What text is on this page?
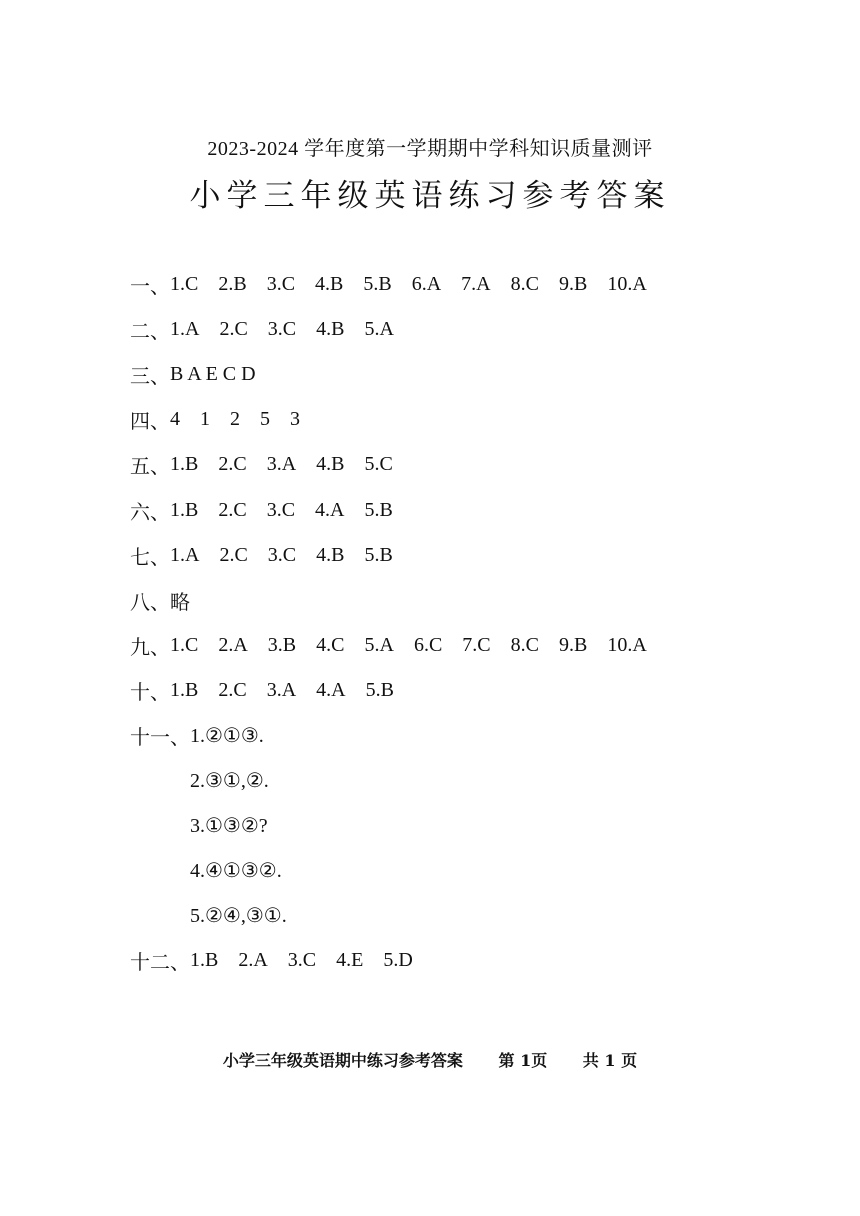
2023-2024 学年度第一学期期中学科知识质量测评
小学三年级英语练习参考答案
一、 1.C 2.B 3.C 4.B 5.B 6.A 7.A 8.C 9.B 10.A
二、 1.A 2.C 3.C 4.B 5.A
三、 B A E C D
四、 4 1 2 5 3
五、 1.B 2.C 3.A 4.B 5.C
六、 1.B 2.C 3.C 4.A 5.B
七、 1.A 2.C 3.C 4.B 5.B
八、 略
九、 1.C 2.A 3.B 4.C 5.A 6.C 7.C 8.C 9.B 10.A
十、 1.B 2.C 3.A 4.A 5.B
十一、 1.②①③.
2.③①,②.
3.①③②?
4.④①③②.
5.②④,③①.
十二、 1.B 2.A 3.C 4.E 5.D
小学三年级英语期中练习参考答案 第 1页 共 1 页
